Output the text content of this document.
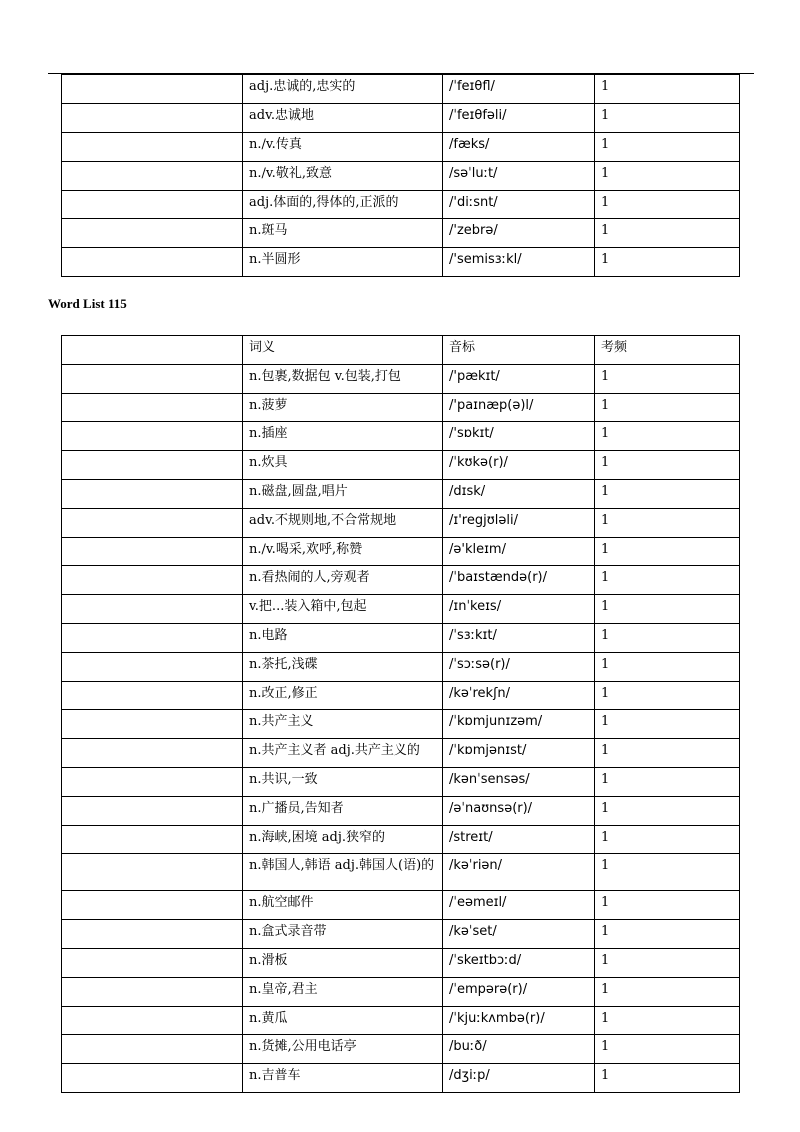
	adj.忠诚的,忠实的	/ˈfeɪθfl/	1
	adv.忠诚地	/ˈfeɪθfəli/	1
	n./v.传真	/fæks/	1
	n./v.敬礼,致意	/səˈluːt/	1
	adj.体面的,得体的,正派的	/'diːsnt/	1
	n.斑马	/'zebrə/	1
	n.半圆形	/'semisɜːkl/	1
Word List 115
	词义	音标	考频
	n.包裹,数据包 v.包装,打包	/'pækɪt/	1
	n.菠萝	/'paɪnæp(ə)l/	1
	n.插座	/'sɒkɪt/	1
	n.炊具	/ˈkʊkə(r)/	1
	n.磁盘,圆盘,唱片	/dɪsk/	1
	adv.不规则地,不合常规地	/ɪ'regjʊləli/	1
	n./v.喝采,欢呼,称赞	/ə'kleɪm/	1
	n.看热闹的人,旁观者	/ˈbaɪstændə(r)/	1
	v.把...装入箱中,包起	/ɪnˈkeɪs/	1
	n.电路	/ˈsɜːkɪt/	1
	n.茶托,浅碟	/ˈsɔːsə(r)/	1
	n.改正,修正	/kəˈrekʃn/	1
	n.共产主义	/ˈkɒmjunɪzəm/	1
	n.共产主义者 adj.共产主义的	/ˈkɒmjənɪst/	1
	n.共识,一致	/kənˈsensəs/	1
	n.广播员,告知者	/əˈnaʊnsə(r)/	1
	n.海峡,困境 adj.狭窄的	/streɪt/	1
	n.韩国人,韩语 adj.韩国人(语)的	/kəˈriən/	1
	n.航空邮件	/ˈeəmeɪl/	1
	n.盒式录音带	/kəˈset/	1
	n.滑板	/ˈskeɪtbɔːd/	1
	n.皇帝,君主	/ˈempərə(r)/	1
	n.黄瓜	/ˈkjuːkʌmbə(r)/	1
	n.货摊,公用电话亭	/buːð/	1
	n.吉普车	/dʒiːp/	1
